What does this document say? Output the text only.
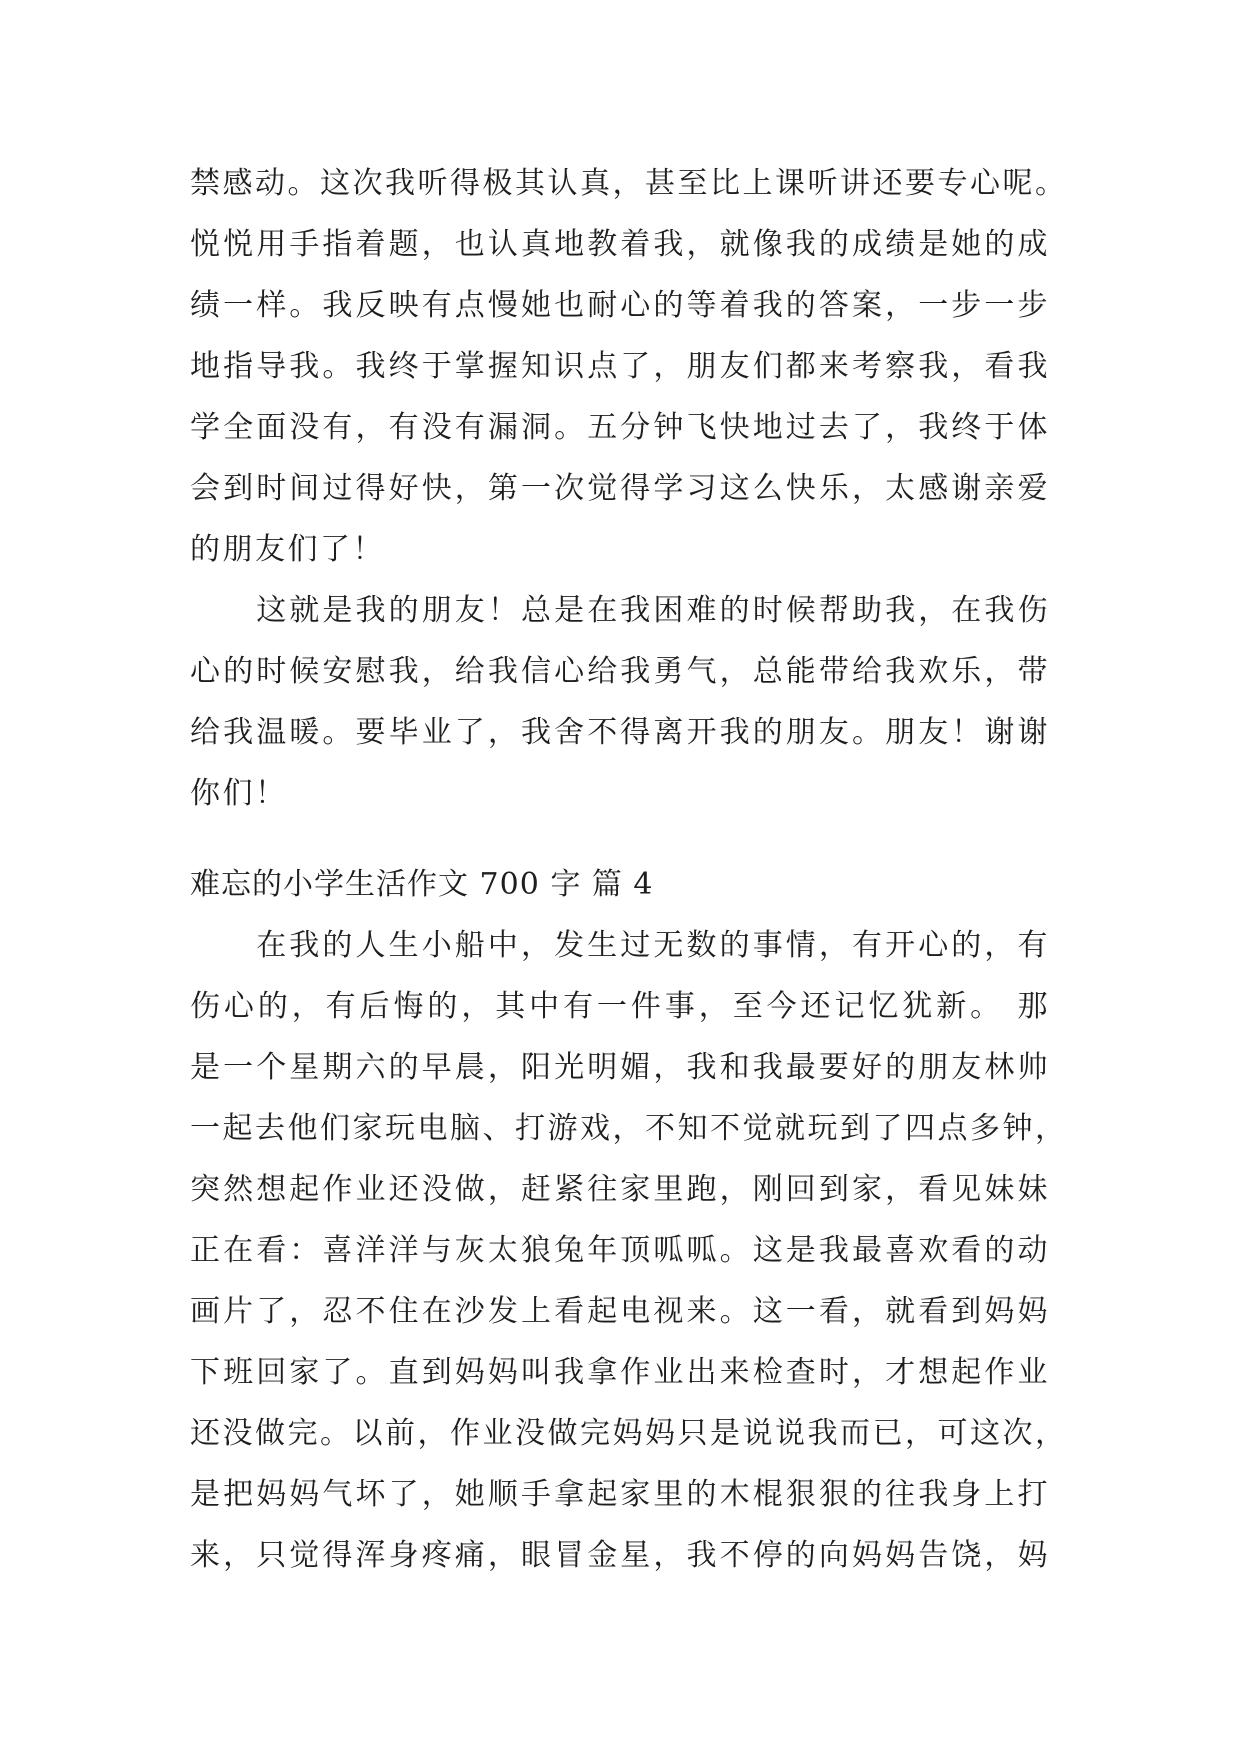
禁感动。这次我听得极其认真，甚至比上课听讲还要专心呢。
悦悦用手指着题，也认真地教着我，就像我的成绩是她的成
绩一样。我反映有点慢她也耐心的等着我的答案，一步一步
地指导我。我终于掌握知识点了，朋友们都来考察我，看我
学全面没有，有没有漏洞。五分钟飞快地过去了，我终于体
会到时间过得好快，第一次觉得学习这么快乐，太感谢亲爱
的朋友们了！
　　这就是我的朋友！总是在我困难的时候帮助我，在我伤
心的时候安慰我，给我信心给我勇气，总能带给我欢乐，带
给我温暖。要毕业了，我舍不得离开我的朋友。朋友！谢谢
你们！
难忘的小学生活作文 700 字 篇 4
　　在我的人生小船中，发生过无数的事情，有开心的，有
伤心的，有后悔的，其中有一件事，至今还记忆犹新。 那
是一个星期六的早晨，阳光明媚，我和我最要好的朋友林帅
一起去他们家玩电脑、打游戏，不知不觉就玩到了四点多钟，
突然想起作业还没做，赶紧往家里跑，刚回到家，看见妹妹
正在看：喜洋洋与灰太狼兔年顶呱呱。这是我最喜欢看的动
画片了，忍不住在沙发上看起电视来。这一看，就看到妈妈
下班回家了。直到妈妈叫我拿作业出来检查时，才想起作业
还没做完。以前，作业没做完妈妈只是说说我而已，可这次，
是把妈妈气坏了，她顺手拿起家里的木棍狠狠的往我身上打
来，只觉得浑身疼痛，眼冒金星，我不停的向妈妈告饶，妈
